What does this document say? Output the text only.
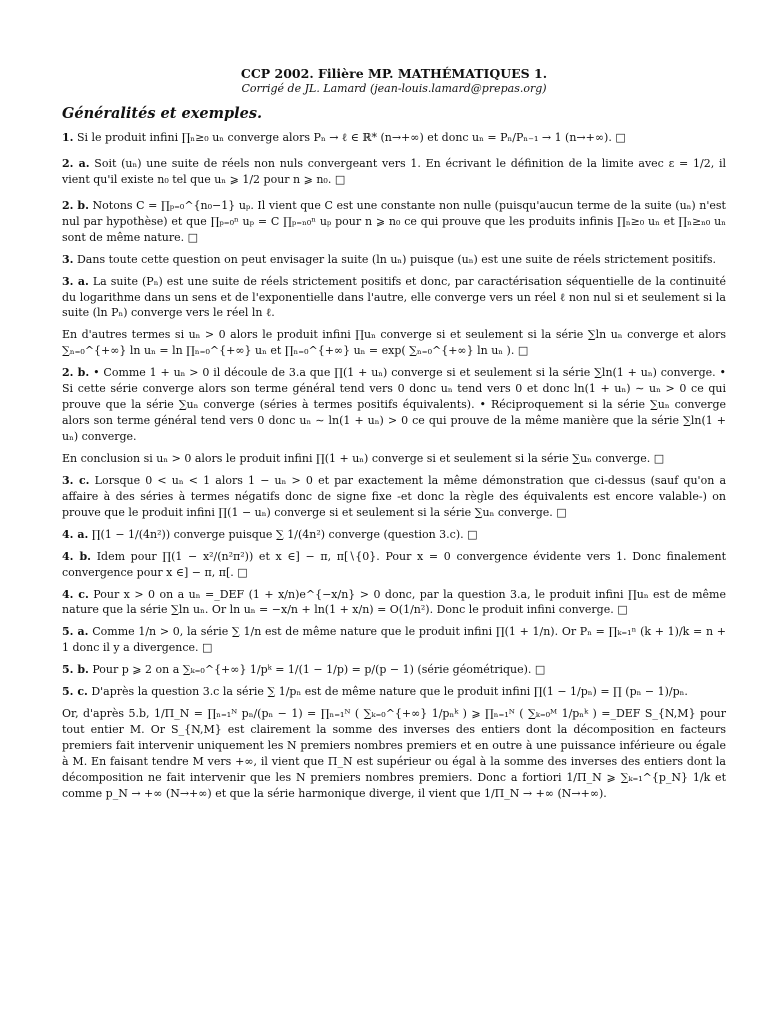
CCP 2002. Filière MP. MATHÉMATIQUES 1.
Corrigé de JL. Lamard (jean-louis.lamard@prepas.org)
Généralités et exemples.
1. Si le produit infini ∏ₙ≥₀ uₙ converge alors Pₙ → ℓ ∈ ℝ* (n→+∞) et donc uₙ = Pₙ/Pₙ₋₁ → 1 (n→+∞). □
2. a. Soit (uₙ) une suite de réels non nuls convergeant vers 1. En écrivant le définition de la limite avec ε = 1/2, il vient qu'il existe n₀ tel que uₙ ⩾ 1/2 pour n ⩾ n₀. □
2. b. Notons C = ∏ₚ₌₀^{n₀−1} uₚ. Il vient que C est une constante non nulle (puisqu'aucun terme de la suite (uₙ) n'est nul par hypothèse) et que ∏ₚ₌₀ⁿ uₚ = C ∏ₚ₌ₙ₀ⁿ uₚ pour n ⩾ n₀ ce qui prouve que les produits infinis ∏ₙ≥₀ uₙ et ∏ₙ≥ₙ₀ uₙ sont de même nature. □
3. Dans toute cette question on peut envisager la suite (ln uₙ) puisque (uₙ) est une suite de réels strictement positifs.
3. a. La suite (Pₙ) est une suite de réels strictement positifs et donc, par caractérisation séquentielle de la continuité du logarithme dans un sens et de l'exponentielle dans l'autre, elle converge vers un réel ℓ non nul si et seulement si la suite (ln Pₙ) converge vers le réel ln ℓ.
En d'autres termes si uₙ > 0 alors le produit infini ∏uₙ converge si et seulement si la série ∑ln uₙ converge et alors ∑ₙ₌₀^{+∞} ln uₙ = ln ∏ₙ₌₀^{+∞} uₙ et ∏ₙ₌₀^{+∞} uₙ = exp( ∑ₙ₌₀^{+∞} ln uₙ ). □
2. b. • Comme 1 + uₙ > 0 il découle de 3.a que ∏(1 + uₙ) converge si et seulement si la série ∑ln(1 + uₙ) converge. • Si cette série converge alors son terme général tend vers 0 donc uₙ tend vers 0 et donc ln(1 + uₙ) ∼ uₙ > 0 ce qui prouve que la série ∑uₙ converge (séries à termes positifs équivalents). • Réciproquement si la série ∑uₙ converge alors son terme général tend vers 0 donc uₙ ∼ ln(1 + uₙ) > 0 ce qui prouve de la même manière que la série ∑ln(1 + uₙ) converge.
En conclusion si uₙ > 0 alors le produit infini ∏(1 + uₙ) converge si et seulement si la série ∑uₙ converge. □
3. c. Lorsque 0 < uₙ < 1 alors 1 − uₙ > 0 et par exactement la même démonstration que ci-dessus (sauf qu'on a affaire à des séries à termes négatifs donc de signe fixe -et donc la règle des équivalents est encore valable-) on prouve que le produit infini ∏(1 − uₙ) converge si et seulement si la série ∑uₙ converge. □
4. a. ∏(1 − 1/(4n²)) converge puisque ∑ 1/(4n²) converge (question 3.c). □
4. b. Idem pour ∏(1 − x²/(n²π²)) et x ∈] − π, π[∖{0}. Pour x = 0 convergence évidente vers 1. Donc finalement convergence pour x ∈] − π, π[. □
4. c. Pour x > 0 on a uₙ =_DEF (1 + x/n)e^{−x/n} > 0 donc, par la question 3.a, le produit infini ∏uₙ est de même nature que la série ∑ln uₙ. Or ln uₙ = −x/n + ln(1 + x/n) = O(1/n²). Donc le produit infini converge. □
5. a. Comme 1/n > 0, la série ∑ 1/n est de même nature que le produit infini ∏(1 + 1/n). Or Pₙ = ∏ₖ₌₁ⁿ (k + 1)/k = n + 1 donc il y a divergence. □
5. b. Pour p ⩾ 2 on a ∑ₖ₌₀^{+∞} 1/pᵏ = 1/(1 − 1/p) = p/(p − 1) (série géométrique). □
5. c. D'après la question 3.c la série ∑ 1/pₙ est de même nature que le produit infini ∏(1 − 1/pₙ) = ∏ (pₙ − 1)/pₙ.
Or, d'après 5.b, 1/Π_N = ∏ₙ₌₁ᴺ pₙ/(pₙ − 1) = ∏ₙ₌₁ᴺ ( ∑ₖ₌₀^{+∞} 1/pₙᵏ ) ⩾ ∏ₙ₌₁ᴺ ( ∑ₖ₌₀ᴹ 1/pₙᵏ ) =_DEF S_{N,M} pour tout entier M. Or S_{N,M} est clairement la somme des inverses des entiers dont la décomposition en facteurs premiers fait intervenir uniquement les N premiers nombres premiers et en outre à une puissance inférieure ou égale à M. En faisant tendre M vers +∞, il vient que Π_N est supérieur ou égal à la somme des inverses des entiers dont la décomposition ne fait intervenir que les N premiers nombres premiers. Donc a fortiori 1/Π_N ⩾ ∑ₖ₌₁^{p_N} 1/k et comme p_N → +∞ (N→+∞) et que la série harmonique diverge, il vient que 1/Π_N → +∞ (N→+∞).
